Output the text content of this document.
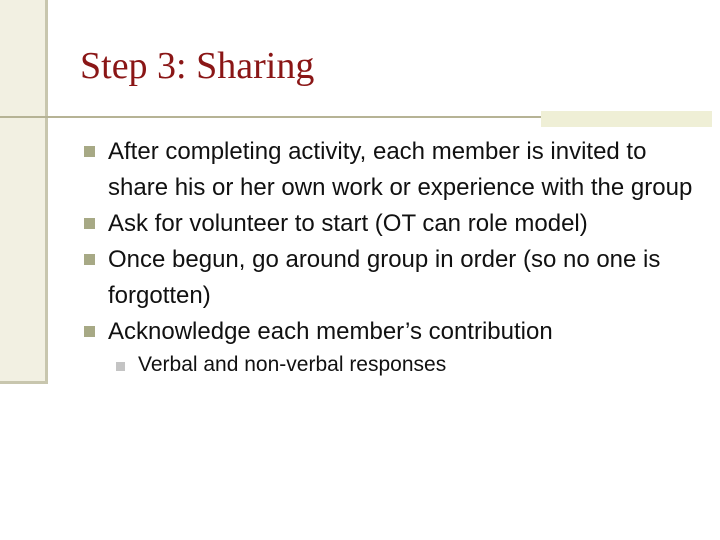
Step 3: Sharing
After completing activity, each member is invited to share his or her own work or experience with the group
Ask for volunteer to start (OT can role model)
Once begun, go around group in order (so no one is forgotten)
Acknowledge each member’s contribution
Verbal and non-verbal responses
